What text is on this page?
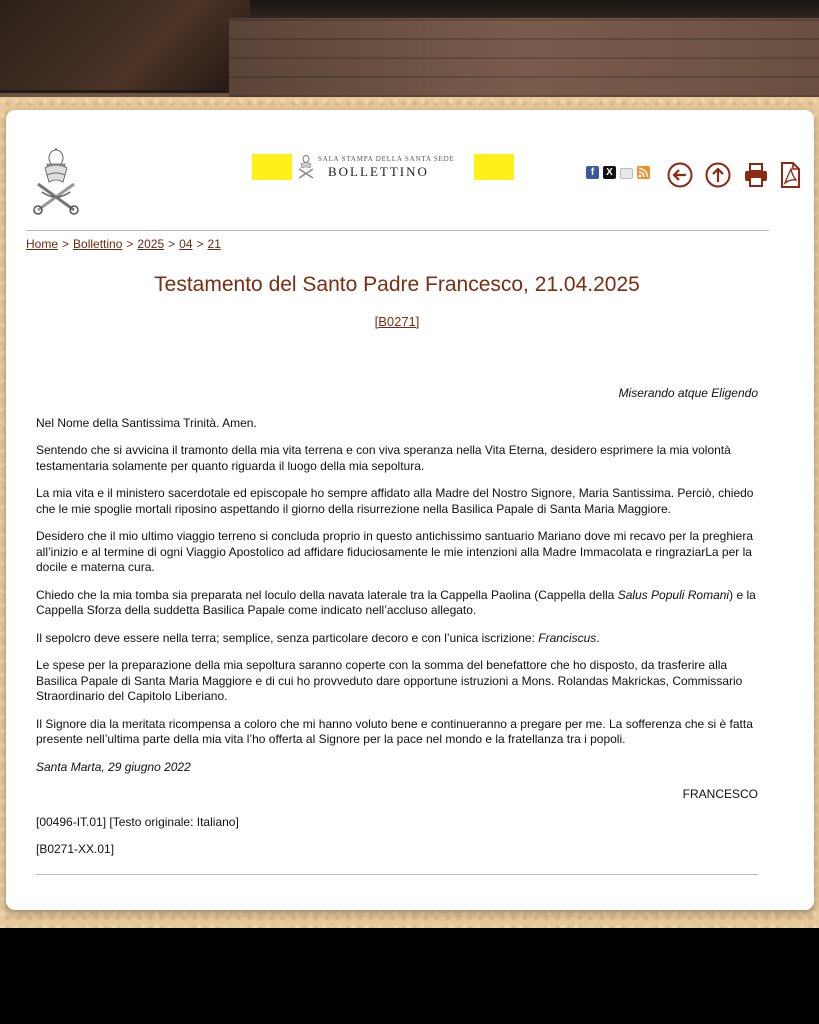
SALA STAMPA DELLA SANTA SEDE
BOLLETTINO	f	X
Home > Bollettino > 2025 > 04 > 21
Testamento del Santo Padre Francesco, 21.04.2025
[B0271]

Miserando atque Eligendo

Nel Nome della Santissima Trinità. Amen.

Sentendo che si avvicina il tramonto della mia vita terrena e con viva speranza nella Vita Eterna, desidero esprimere la mia volontà testamentaria solamente per quanto riguarda il luogo della mia sepoltura.

La mia vita e il ministero sacerdotale ed episcopale ho sempre affidato alla Madre del Nostro Signore, Maria Santissima. Perciò, chiedo che le mie spoglie mortali riposino aspettando il giorno della risurrezione nella Basilica Papale di Santa Maria Maggiore.

Desidero che il mio ultimo viaggio terreno si concluda proprio in questo antichissimo santuario Mariano dove mi recavo per la preghiera all’inizio e al termine di ogni Viaggio Apostolico ad affidare fiduciosamente le mie intenzioni alla Madre Immacolata e ringraziarLa per la docile e materna cura.

Chiedo che la mia tomba sia preparata nel loculo della navata laterale tra la Cappella Paolina (Cappella della Salus Populi Romani) e la Cappella Sforza della suddetta Basilica Papale come indicato nell’accluso allegato.

Il sepolcro deve essere nella terra; semplice, senza particolare decoro e con l’unica iscrizione: Franciscus.

Le spese per la preparazione della mia sepoltura saranno coperte con la somma del benefattore che ho disposto, da trasferire alla Basilica Papale di Santa Maria Maggiore e di cui ho provveduto dare opportune istruzioni a Mons. Rolandas Makrickas, Commissario Straordinario del Capitolo Liberiano.

Il Signore dia la meritata ricompensa a coloro che mi hanno voluto bene e continueranno a pregare per me. La sofferenza che si è fatta presente nell’ultima parte della mia vita l’ho offerta al Signore per la pace nel mondo e la fratellanza tra i popoli.

Santa Marta, 29 giugno 2022

FRANCESCO

[00496-IT.01] [Testo originale: Italiano]

[B0271-XX.01]
